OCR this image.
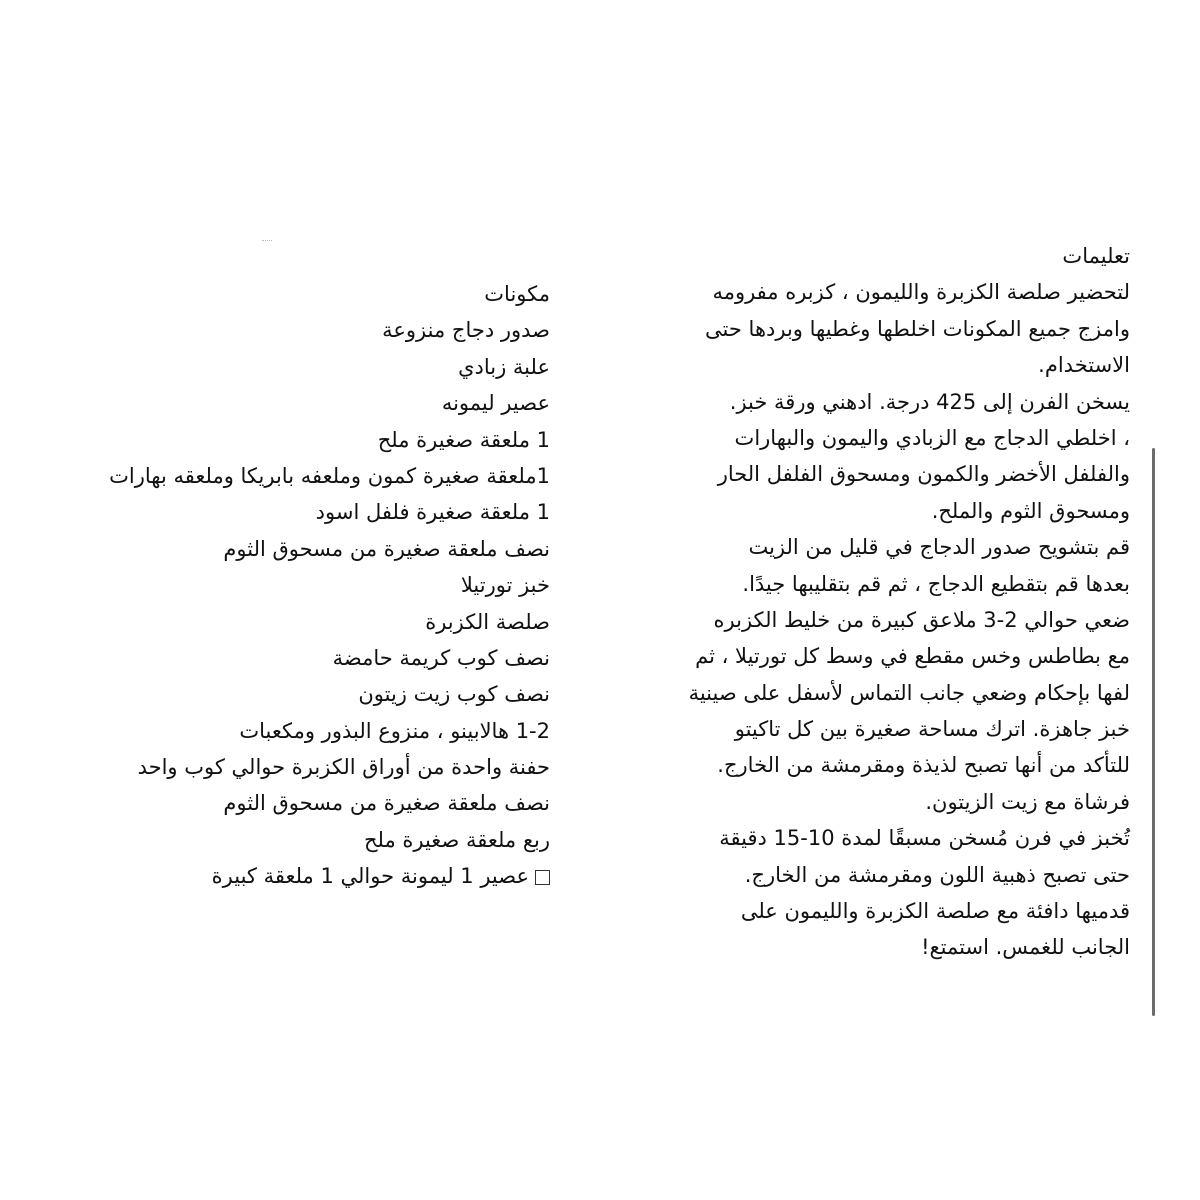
تعليمات
لتحضير صلصة الكزبرة والليمون ، كزبره مفرومه
وامزج جميع المكونات اخلطها وغطيها وبردها حتى
الاستخدام.
يسخن الفرن إلى 425 درجة. ادهني ورقة خبز.
، اخلطي الدجاج مع الزبادي واليمون والبهارات
والفلفل الأخضر والكمون ومسحوق الفلفل الحار
ومسحوق الثوم والملح.
قم بتشويح صدور الدجاج في قليل من الزيت
بعدها قم بتقطيع الدجاج ، ثم قم بتقليبها جيدًا.
ضعي حوالي 2-3 ملاعق كبيرة من خليط الكزبره
مع بطاطس وخس مقطع في وسط كل تورتيلا ، ثم
لفها بإحكام وضعي جانب التماس لأسفل على صينية
خبز جاهزة. اترك مساحة صغيرة بين كل تاكيتو
للتأكد من أنها تصبح لذيذة ومقرمشة من الخارج.
فرشاة مع زيت الزيتون.
تُخبز في فرن مُسخن مسبقًا لمدة 10-15 دقيقة
حتى تصبح ذهبية اللون ومقرمشة من الخارج.
قدميها دافئة مع صلصة الكزبرة والليمون على
الجانب للغمس. استمتع!
مكونات
صدور دجاج منزوعة
علبة زبادي
عصير ليمونه
1 ملعقة صغيرة ملح
1ملعقة صغيرة كمون وملعفه بابريكا وملعقه بهارات
1 ملعقة صغيرة فلفل اسود
نصف ملعقة صغيرة من مسحوق الثوم
خبز تورتيلا
صلصة الكزبرة
نصف كوب كريمة حامضة
نصف كوب زيت زيتون
1-2 هالابينو ، منزوع البذور ومكعبات
حفنة واحدة من أوراق الكزبرة حوالي كوب واحد
نصف ملعقة صغيرة من مسحوق الثوم
ربع ملعقة صغيرة ملح
عصير 1 ليمونة حوالي 1 ملعقة كبيرة
